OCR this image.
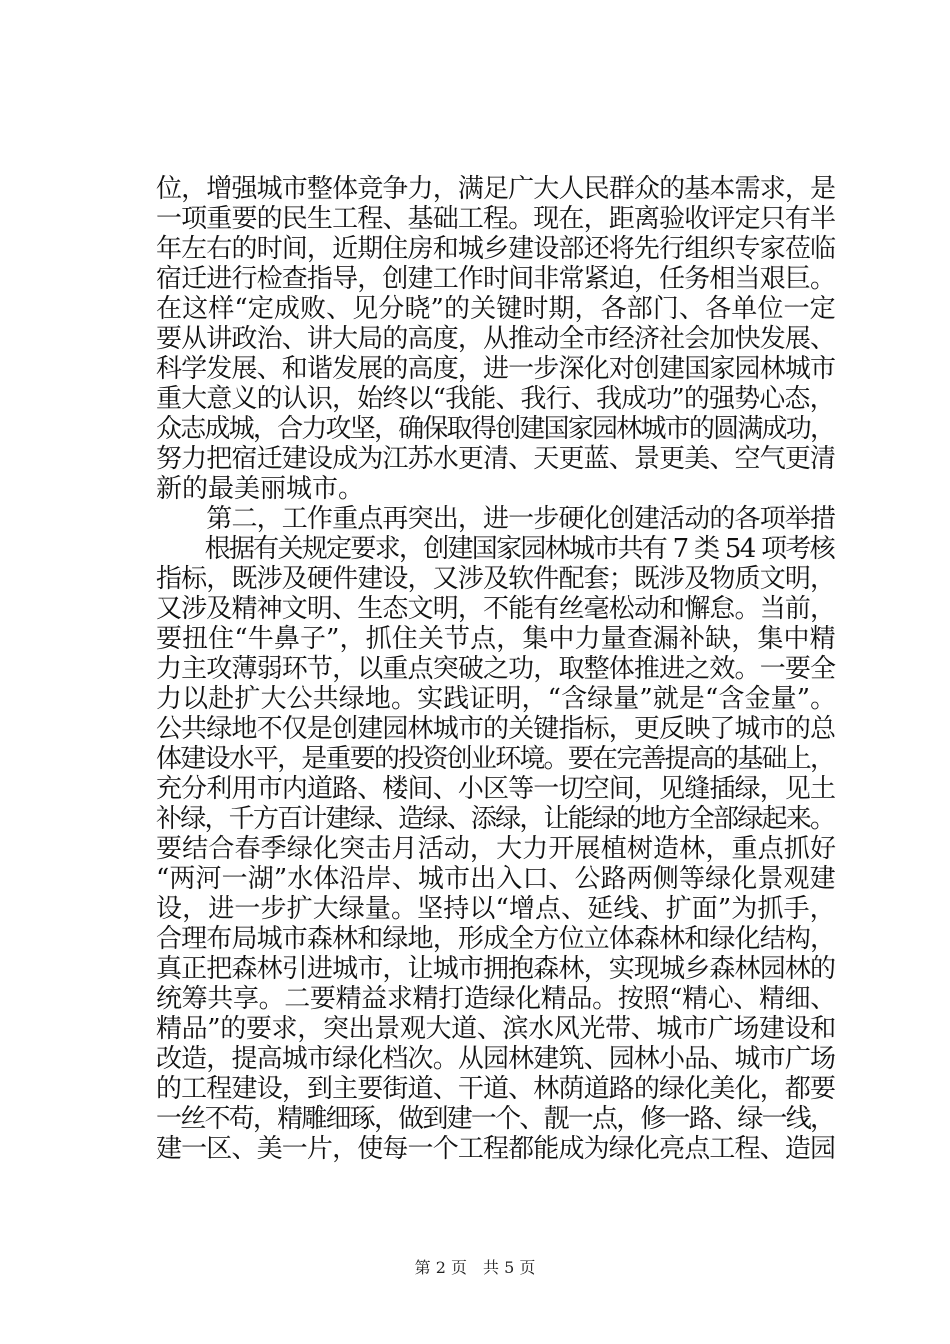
位，增强城市整体竞争力，满足广大人民群众的基本需求，是
一项重要的民生工程、基础工程。现在，距离验收评定只有半
年左右的时间，近期住房和城乡建设部还将先行组织专家莅临
宿迁进行检查指导，创建工作时间非常紧迫，任务相当艰巨。
在这样“定成败、见分晓”的关键时期，各部门、各单位一定
要从讲政治、讲大局的高度，从推动全市经济社会加快发展、
科学发展、和谐发展的高度，进一步深化对创建国家园林城市
重大意义的认识，始终以“我能、我行、我成功”的强势心态，
众志成城，合力攻坚，确保取得创建国家园林城市的圆满成功，
努力把宿迁建设成为江苏水更清、天更蓝、景更美、空气更清
新的最美丽城市。
　　第二，工作重点再突出，进一步硬化创建活动的各项举措
　　根据有关规定要求，创建国家园林城市共有 7 类 54 项考核
指标，既涉及硬件建设，又涉及软件配套；既涉及物质文明，
又涉及精神文明、生态文明，不能有丝毫松动和懈怠。当前，
要扭住“牛鼻子”，抓住关节点，集中力量查漏补缺，集中精
力主攻薄弱环节，以重点突破之功，取整体推进之效。一要全
力以赴扩大公共绿地。实践证明，“含绿量”就是“含金量”。
公共绿地不仅是创建园林城市的关键指标，更反映了城市的总
体建设水平，是重要的投资创业环境。要在完善提高的基础上，
充分利用市内道路、楼间、小区等一切空间，见缝插绿，见土
补绿，千方百计建绿、造绿、添绿，让能绿的地方全部绿起来。
要结合春季绿化突击月活动，大力开展植树造林，重点抓好
“两河一湖”水体沿岸、城市出入口、公路两侧等绿化景观建
设，进一步扩大绿量。坚持以“增点、延线、扩面”为抓手，
合理布局城市森林和绿地，形成全方位立体森林和绿化结构，
真正把森林引进城市，让城市拥抱森林，实现城乡森林园林的
统筹共享。二要精益求精打造绿化精品。按照“精心、精细、
精品”的要求，突出景观大道、滨水风光带、城市广场建设和
改造，提高城市绿化档次。从园林建筑、园林小品、城市广场
的工程建设，到主要街道、干道、林荫道路的绿化美化，都要
一丝不苟，精雕细琢，做到建一个、靓一点，修一路、绿一线，
建一区、美一片，使每一个工程都能成为绿化亮点工程、造园
第 2 页　共 5 页
